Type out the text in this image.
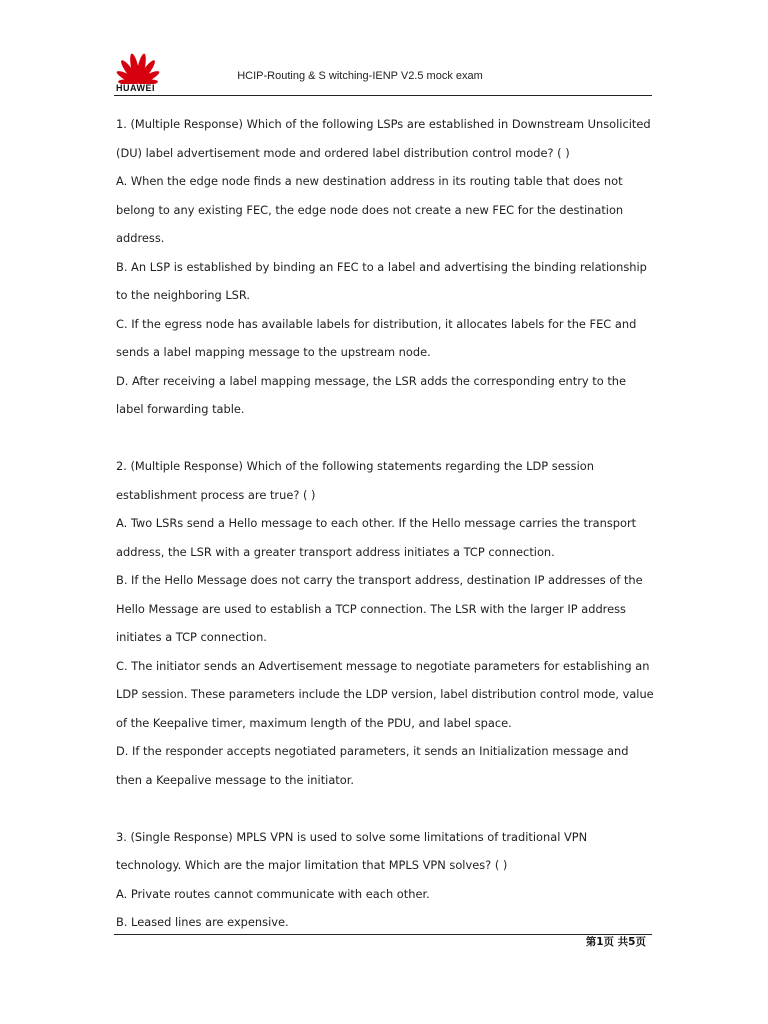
HUAWEI
HCIP-Routing & S witching-IENP V2.5 mock exam

1. (Multiple Response) Which of the following LSPs are established in Downstream Unsolicited (DU) label advertisement mode and ordered label distribution control mode? ( )

A. When the edge node finds a new destination address in its routing table that does not belong to any existing FEC, the edge node does not create a new FEC for the destination address.

B. An LSP is established by binding an FEC to a label and advertising the binding relationship to the neighboring LSR.

C. If the egress node has available labels for distribution, it allocates labels for the FEC and sends a label mapping message to the upstream node.

D. After receiving a label mapping message, the LSR adds the corresponding entry to the label forwarding table.

2. (Multiple Response) Which of the following statements regarding the LDP session establishment process are true? ( )

A. Two LSRs send a Hello message to each other. If the Hello message carries the transport address, the LSR with a greater transport address initiates a TCP connection.

B. If the Hello Message does not carry the transport address, destination IP addresses of the Hello Message are used to establish a TCP connection. The LSR with the larger IP address initiates a TCP connection.

C. The initiator sends an Advertisement message to negotiate parameters for establishing an LDP session. These parameters include the LDP version, label distribution control mode, value of the Keepalive timer, maximum length of the PDU, and label space.

D. If the responder accepts negotiated parameters, it sends an Initialization message and then a Keepalive message to the initiator.

3. (Single Response) MPLS VPN is used to solve some limitations of traditional VPN technology. Which are the major limitation that MPLS VPN solves? ( )

A. Private routes cannot communicate with each other.

B. Leased lines are expensive.

第1页 共5页
